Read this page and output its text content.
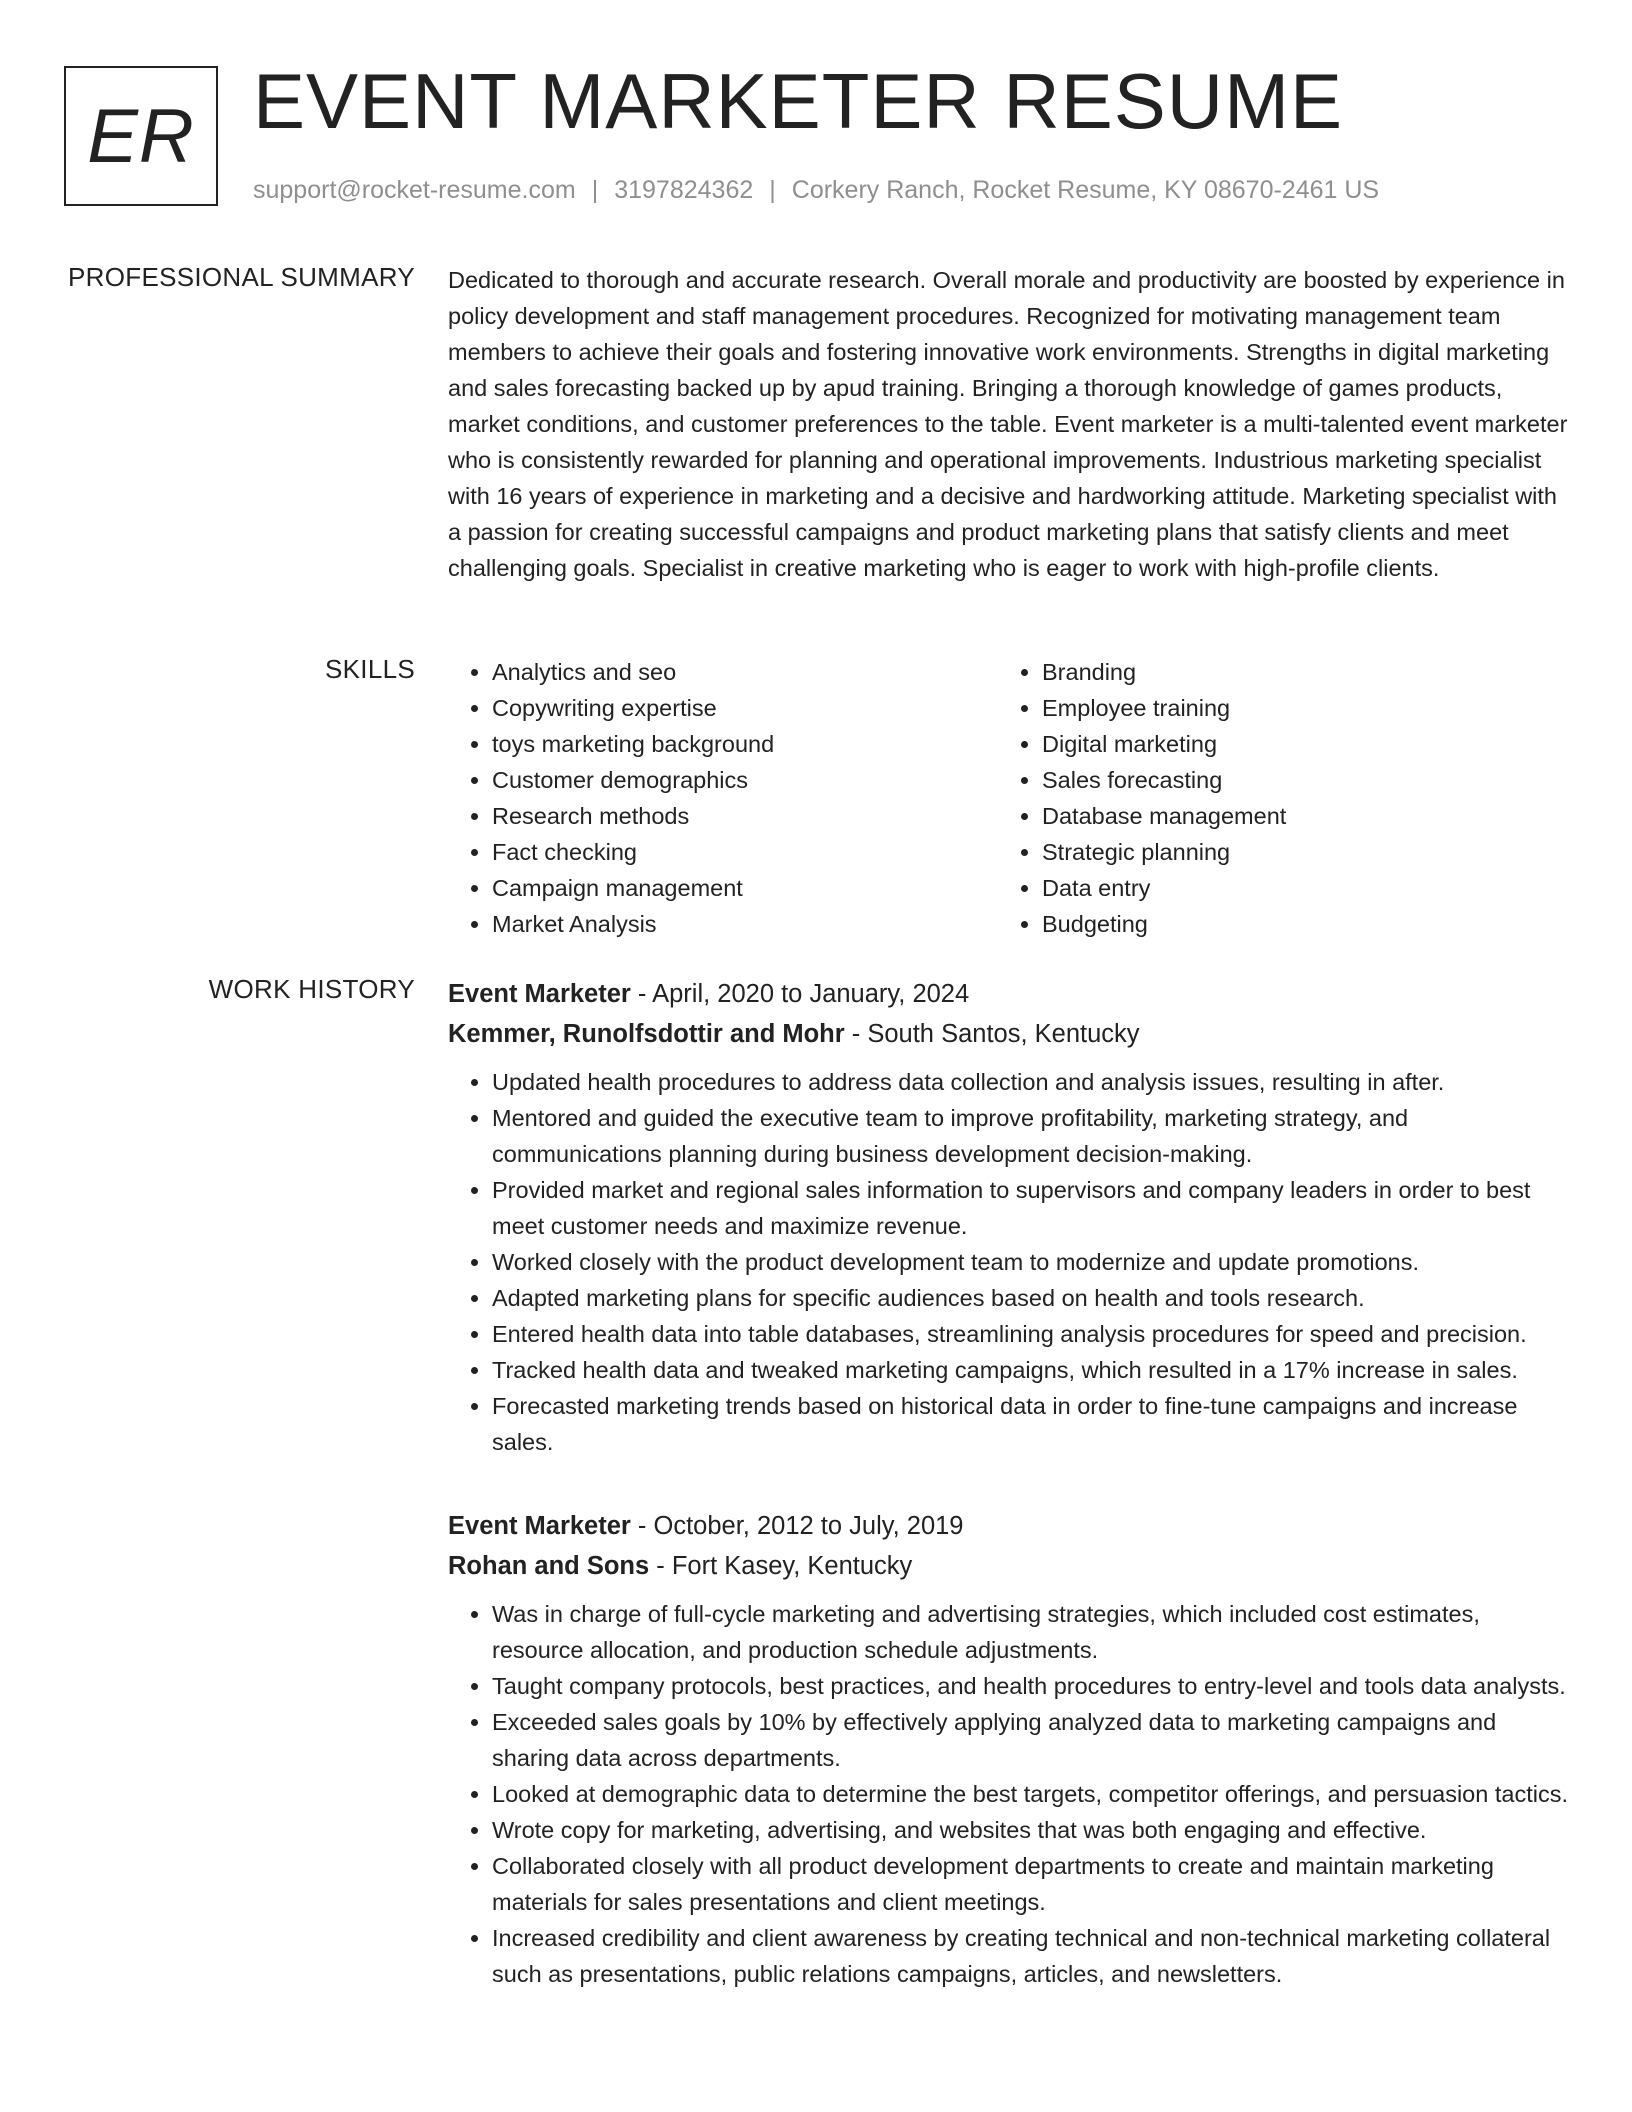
ER EVENT MARKETER RESUME
support@rocket-resume.com | 3197824362 | Corkery Ranch, Rocket Resume, KY 08670-2461 US
PROFESSIONAL SUMMARY Dedicated to thorough and accurate research. Overall morale and productivity are boosted by experience in policy development and staff management procedures. Recognized for motivating management team members to achieve their goals and fostering innovative work environments. Strengths in digital marketing and sales forecasting backed up by apud training. Bringing a thorough knowledge of games products, market conditions, and customer preferences to the table. Event marketer is a multi-talented event marketer who is consistently rewarded for planning and operational improvements. Industrious marketing specialist with 16 years of experience in marketing and a decisive and hardworking attitude. Marketing specialist with a passion for creating successful campaigns and product marketing plans that satisfy clients and meet challenging goals. Specialist in creative marketing who is eager to work with high-profile clients.

SKILLS
•	Analytics and seo
• Copywriting expertise
• toys marketing background
• Customer demographics
• Research methods
• Fact checking
• Campaign management
• Market Analysis
• Branding
• Employee training
• Digital marketing
• Sales forecasting
• Database management
• Strategic planning
• Data entry
• Budgeting
WORK HISTORY Event Marketer - April, 2020 to January, 2024
Kemmer, Runolfsdottir and Mohr - South Santos, Kentucky
• Updated health procedures to address data collection and analysis issues, resulting in after.
• Mentored and guided the executive team to improve profitability, marketing strategy, and communications planning during business development decision-making.
• Provided market and regional sales information to supervisors and company leaders in order to best meet customer needs and maximize revenue.
• Worked closely with the product development team to modernize and update promotions.
• Adapted marketing plans for specific audiences based on health and tools research.
• Entered health data into table databases, streamlining analysis procedures for speed and precision.
• Tracked health data and tweaked marketing campaigns, which resulted in a 17% increase in sales.
• Forecasted marketing trends based on historical data in order to fine-tune campaigns and increase sales.
Event Marketer - October, 2012 to July, 2019
Rohan and Sons - Fort Kasey, Kentucky
• Was in charge of full-cycle marketing and advertising strategies, which included cost estimates, resource allocation, and production schedule adjustments.
• Taught company protocols, best practices, and health procedures to entry-level and tools data analysts.
• Exceeded sales goals by 10% by effectively applying analyzed data to marketing campaigns and sharing data across departments.
• Looked at demographic data to determine the best targets, competitor offerings, and persuasion tactics.
• Wrote copy for marketing, advertising, and websites that was both engaging and effective.
• Collaborated closely with all product development departments to create and maintain marketing materials for sales presentations and client meetings.
• Increased credibility and client awareness by creating technical and non-technical marketing collateral such as presentations, public relations campaigns, articles, and newsletters.
